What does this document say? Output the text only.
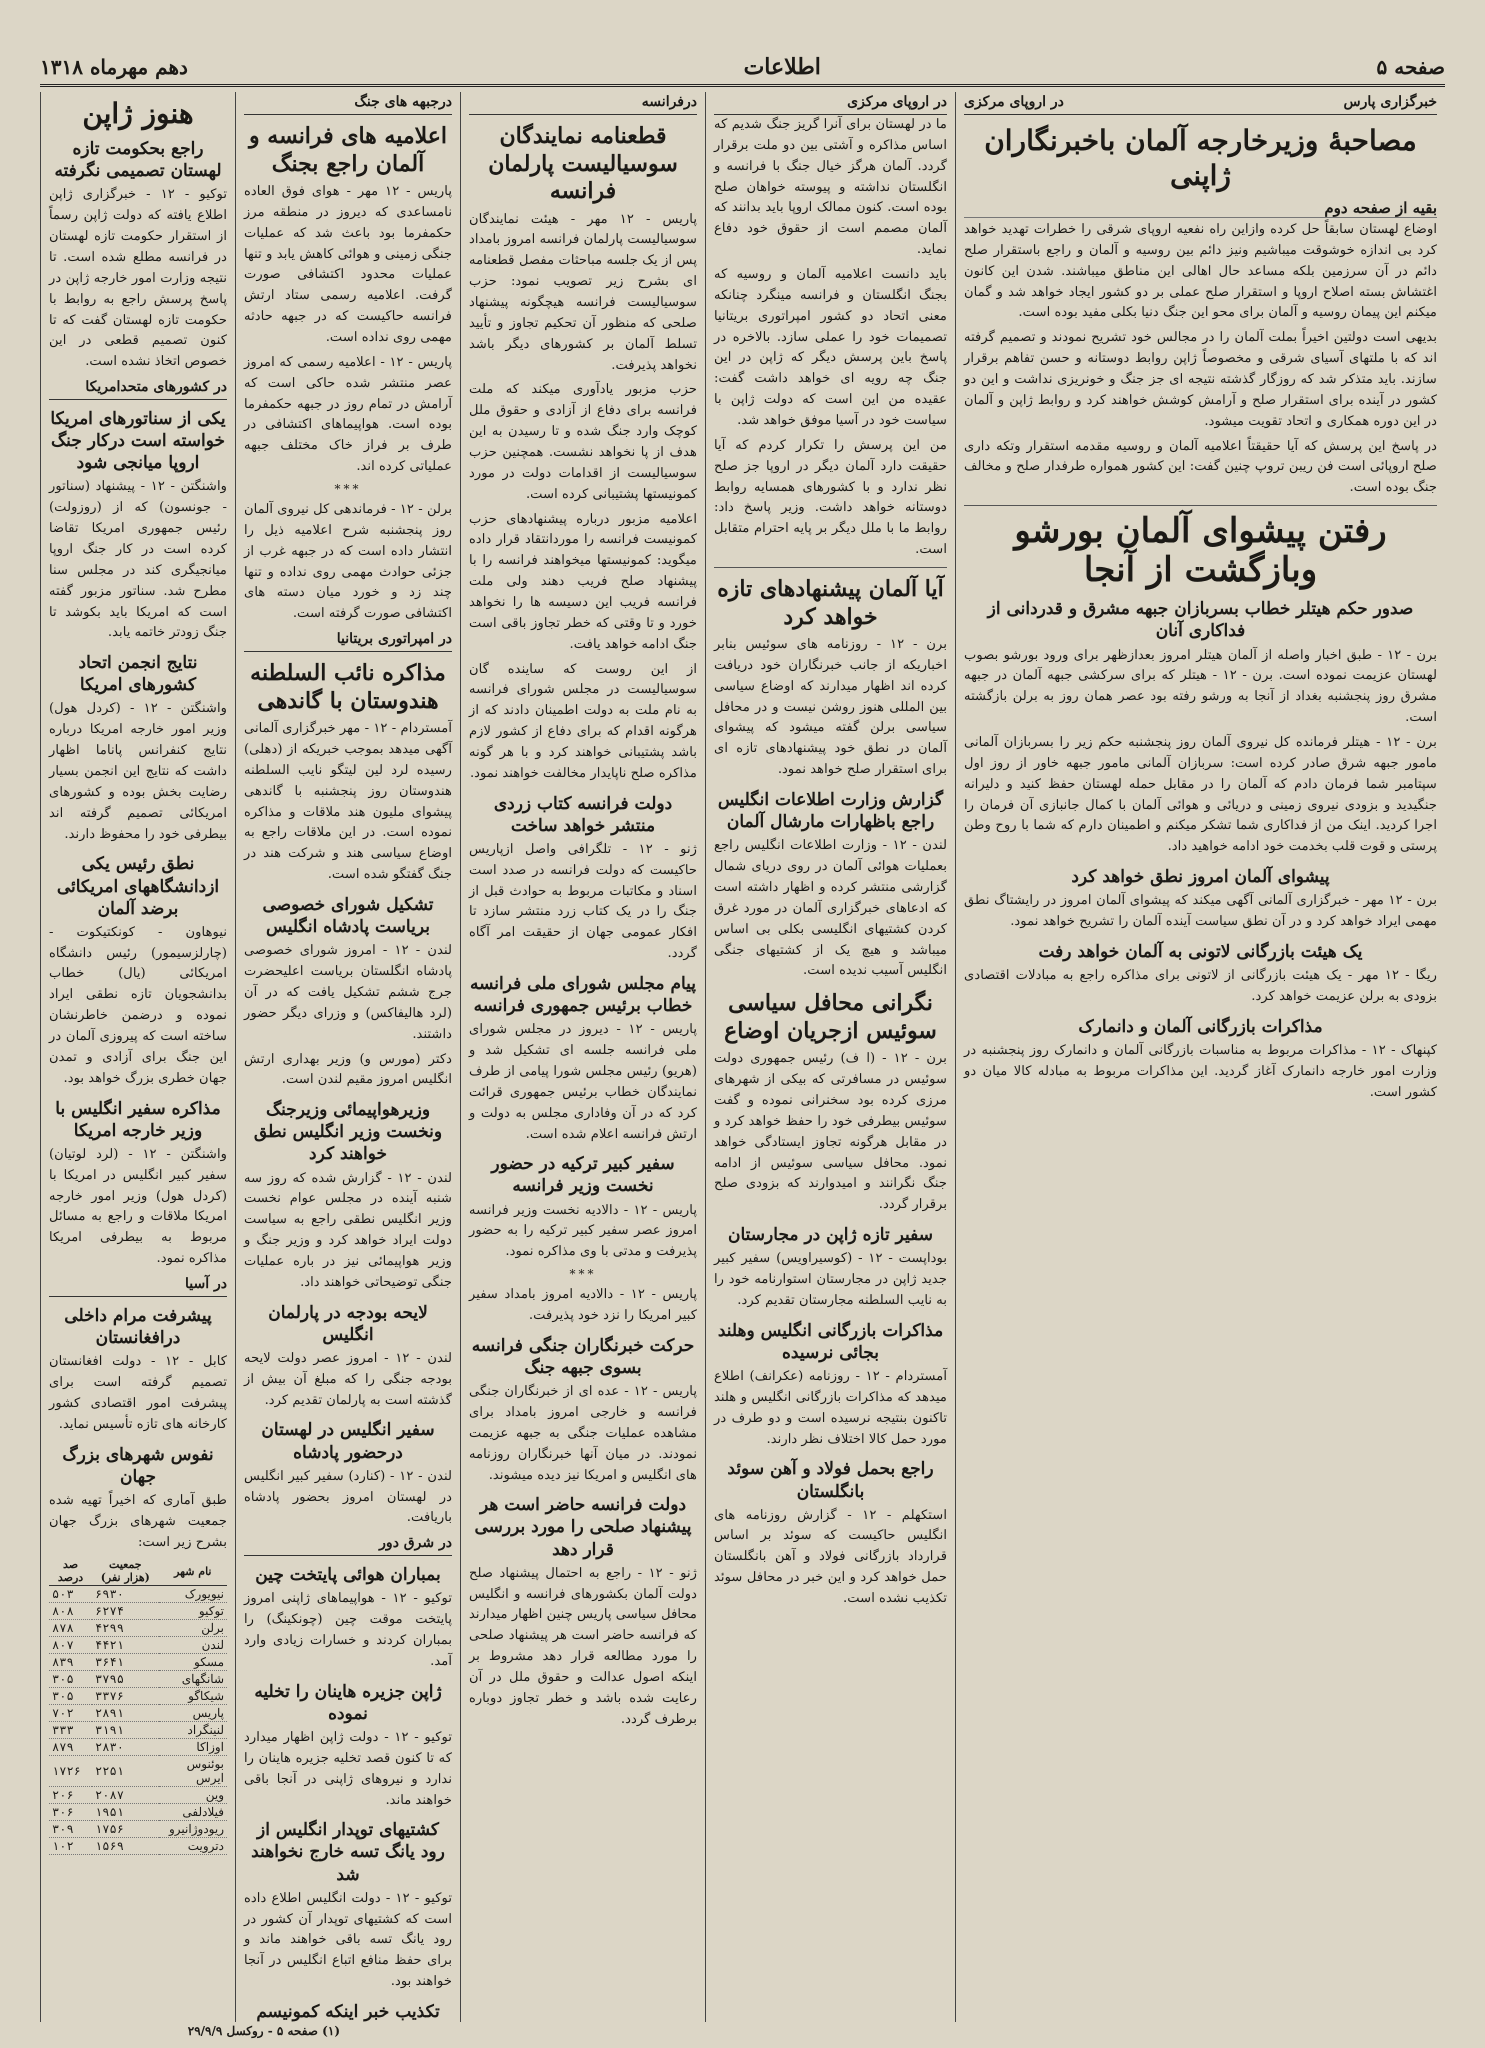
صفحه ۵
اطلاعات
دهم مهرماه ۱۳۱۸
خبرگزاری پارس
در اروپای مرکزی
مصاحبهٔ وزیرخارجه آلمان باخبرنگاران ژاپنی
بقیه از صفحه دوم

اوضاع لهستان سابقاً حل کرده وازاین راه نفعیه اروپای شرقی را خطرات تهدید خواهد کرد بی اندازه خوشوقت میباشیم ونیز دائم بین روسیه و آلمان و راجع باستقرار صلح دائم در آن سرزمین بلکه مساعد حال اهالی این مناطق میباشند. شدن این کانون اغتشاش بسته اصلاح اروپا و استقرار صلح عملی بر دو کشور ایجاد خواهد شد و گمان میکنم این پیمان روسیه و آلمان برای محو این جنگ دنیا بکلی مفید بوده است.

بدیهی است دولتین اخیراً بملت آلمان را در مجالس خود تشریح نمودند و تصمیم گرفته اند که با ملتهای آسیای شرقی و مخصوصاً ژاپن روابط دوستانه و حسن تفاهم برقرار سازند. باید متذکر شد که روزگار گذشته نتیجه ای جز جنگ و خونریزی نداشت و این دو کشور در آینده برای استقرار صلح و آرامش کوشش خواهند کرد و روابط ژاپن و آلمان در این دوره همکاری و اتحاد تقویت میشود.

در پاسخ این پرسش که آیا حقیقتاً اعلامیه آلمان و روسیه مقدمه استقرار وتکه داری صلح اروپائی است فن ریبن تروپ چنین گفت: این کشور همواره طرفدار صلح و مخالف جنگ بوده است.

رفتن پیشوای آلمان بورشو وبازگشت از آنجا
صدور حکم هیتلر خطاب بسربازان جبهه مشرق و قدردانی از فداکاری آنان

برن - ۱۲ - طبق اخبار واصله از آلمان هیتلر امروز بعدازظهر برای ورود بورشو بصوب لهستان عزیمت نموده است. برن - ۱۲ - هیتلر که برای سرکشی جبهه آلمان در جبهه مشرق روز پنجشنبه بغداد از آنجا به ورشو رفته بود عصر همان روز به برلن بازگشته است.

برن - ۱۲ - هیتلر فرمانده کل نیروی آلمان روز پنجشنبه حکم زیر را بسربازان آلمانی مامور جبهه شرق صادر کرده است: سربازان آلمانی مامور جبهه خاور از روز اول سپتامبر شما فرمان دادم که آلمان را در مقابل حمله لهستان حفظ کنید و دلیرانه جنگیدید و بزودی نیروی زمینی و دریائی و هوائی آلمان با کمال جانبازی آن فرمان را اجرا کردید. اینک من از فداکاری شما تشکر میکنم و اطمینان دارم که شما با روح وطن پرستی و قوت قلب بخدمت خود ادامه خواهید داد.

پیشوای آلمان امروز نطق خواهد کرد

برن - ۱۲ مهر - خبرگزاری آلمانی آگهی میکند که پیشوای آلمان امروز در رایشتاگ نطق مهمی ایراد خواهد کرد و در آن نطق سیاست آینده آلمان را تشریح خواهد نمود.

یک هیئت بازرگانی لاتونی به آلمان خواهد رفت

ریگا - ۱۲ مهر - یک هیئت بازرگانی از لاتونی برای مذاکره راجع به مبادلات اقتصادی بزودی به برلن عزیمت خواهد کرد.

مذاکرات بازرگانی آلمان و دانمارک

کپنهاک - ۱۲ - مذاکرات مربوط به مناسبات بازرگانی آلمان و دانمارک روز پنجشنبه در وزارت امور خارجه دانمارک آغاز گردید. این مذاکرات مربوط به مبادله کالا میان دو کشور است.

در اروپای مرکزی

ما در لهستان برای آنرا گریز جنگ شدیم که اساس مذاکره و آشتی بین دو ملت برقرار گردد. آلمان هرگز خیال جنگ با فرانسه و انگلستان نداشته و پیوسته خواهان صلح بوده است. کنون ممالک اروپا باید بدانند که آلمان مصمم است از حقوق خود دفاع نماید.

باید دانست اعلامیه آلمان و روسیه که بجنگ انگلستان و فرانسه مینگرد چنانکه معنی اتحاد دو کشور امپراتوری بریتانیا تصمیمات خود را عملی سازد. بالاخره در پاسخ باین پرسش دیگر که ژاپن در این جنگ چه رویه ای خواهد داشت گفت: عقیده من این است که دولت ژاپن با سیاست خود در آسیا موفق خواهد شد.

من این پرسش را تکرار کردم که آیا حقیقت دارد آلمان دیگر در اروپا جز صلح نظر ندارد و با کشورهای همسایه روابط دوستانه خواهد داشت. وزیر پاسخ داد: روابط ما با ملل دیگر بر پایه احترام متقابل است.

آیا آلمان پیشنهادهای تازه خواهد کرد

برن - ۱۲ - روزنامه های سوئیس بنابر اخباریکه از جانب خبرنگاران خود دریافت کرده اند اظهار میدارند که اوضاع سیاسی بین المللی هنوز روشن نیست و در محافل سیاسی برلن گفته میشود که پیشوای آلمان در نطق خود پیشنهادهای تازه ای برای استقرار صلح خواهد نمود.

گزارش وزارت اطلاعات انگلیس راجع باظهارات مارشال آلمان

لندن - ۱۲ - وزارت اطلاعات انگلیس راجع بعملیات هوائی آلمان در روی دریای شمال گزارشی منتشر کرده و اظهار داشته است که ادعاهای خبرگزاری آلمان در مورد غرق کردن کشتیهای انگلیسی بکلی بی اساس میباشد و هیچ یک از کشتیهای جنگی انگلیس آسیب ندیده است.

نگرانی محافل سیاسی سوئیس ازجریان اوضاع

برن - ۱۲ - (ا ف) رئیس جمهوری دولت سوئیس در مسافرتی که بیکی از شهرهای مرزی کرده بود سخنرانی نموده و گفت سوئیس بیطرفی خود را حفظ خواهد کرد و در مقابل هرگونه تجاوز ایستادگی خواهد نمود. محافل سیاسی سوئیس از ادامه جنگ نگرانند و امیدوارند که بزودی صلح برقرار گردد.

سفیر تازه ژاپن در مجارستان

بوداپست - ۱۲ - (کوسیراویس) سفیر کبیر جدید ژاپن در مجارستان استوارنامه خود را به نایب السلطنه مجارستان تقدیم کرد.

مذاکرات بازرگانی انگلیس وهلند بجائی نرسیده

آمستردام - ۱۲ - روزنامه (عکرانف) اطلاع میدهد که مذاکرات بازرگانی انگلیس و هلند تاکنون بنتیجه نرسیده است و دو طرف در مورد حمل کالا اختلاف نظر دارند.

راجع بحمل فولاد و آهن سوئد بانگلستان

استکهلم - ۱۲ - گزارش روزنامه های انگلیس حاکیست که سوئد بر اساس قرارداد بازرگانی فولاد و آهن بانگلستان حمل خواهد کرد و این خبر در محافل سوئد تکذیب نشده است.

درفرانسه
قطعنامه نمایندگان سوسیالیست پارلمان فرانسه

پاریس - ۱۲ مهر - هیئت نمایندگان سوسیالیست پارلمان فرانسه امروز بامداد پس از یک جلسه مباحثات مفصل قطعنامه ای بشرح زیر تصویب نمود: حزب سوسیالیست فرانسه هیچگونه پیشنهاد صلحی که منظور آن تحکیم تجاوز و تأیید تسلط آلمان بر کشورهای دیگر باشد نخواهد پذیرفت.

حزب مزبور یادآوری میکند که ملت فرانسه برای دفاع از آزادی و حقوق ملل کوچک وارد جنگ شده و تا رسیدن به این هدف از پا نخواهد نشست. همچنین حزب سوسیالیست از اقدامات دولت در مورد کمونیستها پشتیبانی کرده است.

اعلامیه مزبور درباره پیشنهادهای حزب کمونیست فرانسه را موردانتقاد قرار داده میگوید: کمونیستها میخواهند فرانسه را با پیشنهاد صلح فریب دهند ولی ملت فرانسه فریب این دسیسه ها را نخواهد خورد و تا وقتی که خطر تجاوز باقی است جنگ ادامه خواهد یافت.

از این روست که ساینده گان سوسیالیست در مجلس شورای فرانسه به نام ملت به دولت اطمینان دادند که از هرگونه اقدام که برای دفاع از کشور لازم باشد پشتیبانی خواهند کرد و با هر گونه مذاکره صلح ناپایدار مخالفت خواهند نمود.

دولت فرانسه کتاب زردی منتشر خواهد ساخت

ژنو - ۱۲ - تلگرافی واصل ازپاریس حاکیست که دولت فرانسه در صدد است اسناد و مکاتبات مربوط به حوادث قبل از جنگ را در یک کتاب زرد منتشر سازد تا افکار عمومی جهان از حقیقت امر آگاه گردد.

پیام مجلس شورای ملی فرانسه خطاب برئیس جمهوری فرانسه

پاریس - ۱۲ - دیروز در مجلس شورای ملی فرانسه جلسه ای تشکیل شد و (هریو) رئیس مجلس شورا پیامی از طرف نمایندگان خطاب برئیس جمهوری قرائت کرد که در آن وفاداری مجلس به دولت و ارتش فرانسه اعلام شده است.

سفیر کبیر ترکیه در حضور نخست وزیر فرانسه

پاریس - ۱۲ - دالادیه نخست وزیر فرانسه امروز عصر سفیر کبیر ترکیه را به حضور پذیرفت و مدتی با وی مذاکره نمود.

***

پاریس - ۱۲ - دالادیه امروز بامداد سفیر کبیر امریکا را نزد خود پذیرفت.

حرکت خبرنگاران جنگی فرانسه بسوی جبهه جنگ

پاریس - ۱۲ - عده ای از خبرنگاران جنگی فرانسه و خارجی امروز بامداد برای مشاهده عملیات جنگی به جبهه عزیمت نمودند. در میان آنها خبرنگاران روزنامه های انگلیس و امریکا نیز دیده میشوند.

دولت فرانسه حاضر است هر پیشنهاد صلحی را مورد بررسی قرار دهد

ژنو - ۱۲ - راجع به احتمال پیشنهاد صلح دولت آلمان بکشورهای فرانسه و انگلیس محافل سیاسی پاریس چنین اظهار میدارند که فرانسه حاضر است هر پیشنهاد صلحی را مورد مطالعه قرار دهد مشروط بر اینکه اصول عدالت و حقوق ملل در آن رعایت شده باشد و خطر تجاوز دوباره برطرف گردد.

درجبهه های جنگ
اعلامیه های فرانسه و آلمان راجع بجنگ

پاریس - ۱۲ مهر - هوای فوق العاده نامساعدی که دیروز در منطقه مرز حکمفرما بود باعث شد که عملیات جنگی زمینی و هوائی کاهش یابد و تنها عملیات محدود اکتشافی صورت گرفت. اعلامیه رسمی ستاد ارتش فرانسه حاکیست که در جبهه حادثه مهمی روی نداده است.

پاریس - ۱۲ - اعلامیه رسمی که امروز عصر منتشر شده حاکی است که آرامش در تمام روز در جبهه حکمفرما بوده است. هواپیماهای اکتشافی در طرف بر فراز خاک مختلف جبهه عملیاتی کرده اند.

***

برلن - ۱۲ - فرماندهی کل نیروی آلمان روز پنجشنبه شرح اعلامیه ذیل را انتشار داده است که در جبهه غرب از جزئی حوادث مهمی روی نداده و تنها چند زد و خورد میان دسته های اکتشافی صورت گرفته است.

در امپراتوری بریتانیا
مذاکره نائب السلطنه هندوستان با گاندهی

آمستردام - ۱۲ - مهر خبرگزاری آلمانی آگهی میدهد بموجب خبریکه از (دهلی) رسیده لرد لین لیتگو نایب السلطنه هندوستان روز پنجشنبه با گاندهی پیشوای ملیون هند ملاقات و مذاکره نموده است. در این ملاقات راجع به اوضاع سیاسی هند و شرکت هند در جنگ گفتگو شده است.

تشکیل شورای خصوصی بریاست پادشاه انگلیس

لندن - ۱۲ - امروز شورای خصوصی پادشاه انگلستان بریاست اعلیحضرت جرج ششم تشکیل یافت که در آن (لرد هالیفاکس) و وزرای دیگر حضور داشتند.

دکتر (مورس و) وزیر بهداری ارتش انگلیس امروز مقیم لندن است.

وزیرهواپیمائی وزیرجنگ ونخست وزیر انگلیس نطق خواهند کرد

لندن - ۱۲ - گزارش شده که روز سه شنبه آینده در مجلس عوام نخست وزیر انگلیس نطقی راجع به سیاست دولت ایراد خواهد کرد و وزیر جنگ و وزیر هواپیمائی نیز در باره عملیات جنگی توضیحاتی خواهند داد.

لایحه بودجه در پارلمان انگلیس

لندن - ۱۲ - امروز عصر دولت لایحه بودجه جنگی را که مبلغ آن بیش از گذشته است به پارلمان تقدیم کرد.

سفیر انگلیس در لهستان درحضور پادشاه

لندن - ۱۲ - (کنارد) سفیر کبیر انگلیس در لهستان امروز بحضور پادشاه باریافت.

در شرق دور
بمباران هوائی پایتخت چین

توکیو - ۱۲ - هواپیماهای ژاپنی امروز پایتخت موقت چین (چونکینگ) را بمباران کردند و خسارات زیادی وارد آمد.

ژاپن جزیره هاینان را تخلیه نموده

توکیو - ۱۲ - دولت ژاپن اظهار میدارد که تا کنون قصد تخلیه جزیره هاینان را ندارد و نیروهای ژاپنی در آنجا باقی خواهند ماند.

کشتیهای توپدار انگلیس از رود یانگ تسه خارج نخواهند شد

توکیو - ۱۲ - دولت انگلیس اطلاع داده است که کشتیهای توپدار آن کشور در رود یانگ تسه باقی خواهند ماند و برای حفظ منافع اتباع انگلیس در آنجا خواهند بود.

تکذیب خبر اینکه کمونیسم

هنوز ژاپن
راجع بحکومت تازه لهستان تصمیمی نگرفته

توکیو - ۱۲ - خبرگزاری ژاپن اطلاع یافته که دولت ژاپن رسماً از استقرار حکومت تازه لهستان در فرانسه مطلع شده است. تا نتیجه وزارت امور خارجه ژاپن در پاسخ پرسش راجع به روابط با حکومت تازه لهستان گفت که تا کنون تصمیم قطعی در این خصوص اتخاذ نشده است.

در کشورهای متحدامریکا
یکی از سناتورهای امریکا خواسته است درکار جنگ اروپا میانجی شود

واشنگتن - ۱۲ - پیشنهاد (سناتور - جونسون) که از (روزولت) رئیس جمهوری امریکا تقاضا کرده است در کار جنگ اروپا میانجیگری کند در مجلس سنا مطرح شد. سناتور مزبور گفته است که امریکا باید بکوشد تا جنگ زودتر خاتمه یابد.

نتایج انجمن اتحاد کشورهای امریکا

واشنگتن - ۱۲ - (کردل هول) وزیر امور خارجه امریکا درباره نتایج کنفرانس پاناما اظهار داشت که نتایج این انجمن بسیار رضایت بخش بوده و کشورهای امریکائی تصمیم گرفته اند بیطرفی خود را محفوظ دارند.

نطق رئیس یکی ازدانشگاههای امریکائی برضد آلمان

نیوهاون - کونکتیکوت - (چارلزسیمور) رئیس دانشگاه امریکائی (یال) خطاب بدانشجویان تازه نطقی ایراد نموده و درضمن خاطرنشان ساخته است که پیروزی آلمان در این جنگ برای آزادی و تمدن جهان خطری بزرگ خواهد بود.

مذاکره سفیر انگلیس با وزیر خارجه امریکا

واشنگتن - ۱۲ - (لرد لوتیان) سفیر کبیر انگلیس در امریکا با (کردل هول) وزیر امور خارجه امریکا ملاقات و راجع به مسائل مربوط به بیطرفی امریکا مذاکره نمود.

در آسیا
پیشرفت مرام داخلی درافغانستان

کابل - ۱۲ - دولت افغانستان تصمیم گرفته است برای پیشرفت امور اقتصادی کشور کارخانه های تازه تأسیس نماید.

نفوس شهرهای بزرگ جهان

طبق آماری که اخیراً تهیه شده جمعیت شهرهای بزرگ جهان بشرح زیر است:

نام شهر	جمعیت (هزار نفر)	صد درصد
نیویورک	۶۹۳۰	۵۰۳
توکیو	۶۲۷۴	۸۰۸
برلن	۴۲۹۹	۸۷۸
لندن	۴۴۲۱	۸۰۷
مسکو	۳۶۴۱	۸۳۹
شانگهای	۳۷۹۵	۳۰۵
شیکاگو	۳۳۷۶	۳۰۵
پاریس	۲۸۹۱	۷۰۲
لنینگراد	۳۱۹۱	۳۳۳
اوزاکا	۲۸۳۰	۸۷۹
بوئنوس ایرس	۲۲۵۱	۱۷۲۶
وین	۲۰۸۷	۲۰۶
فیلادلفی	۱۹۵۱	۳۰۶
ریودوژانیرو	۱۷۵۶	۳۰۹
دترویت	۱۵۶۹	۱۰۲
(۱) صفحه ۵ - روکسل ۲۹/۹/۹
